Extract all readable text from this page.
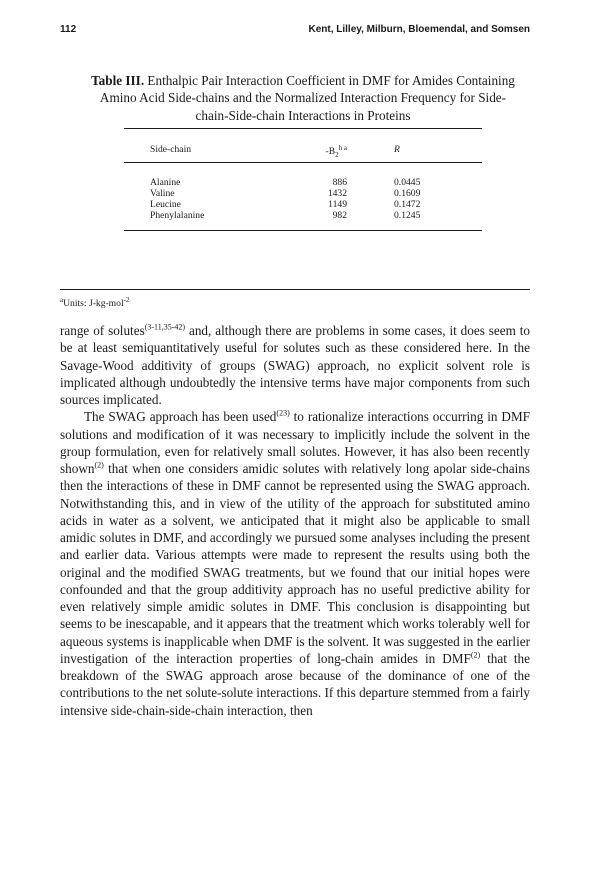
112	Kent, Lilley, Milburn, Bloemendal, and Somsen
Table III. Enthalpic Pair Interaction Coefficient in DMF for Amides Containing Amino Acid Side-chains and the Normalized Interaction Frequency for Side-chain-Side-chain Interactions in Proteins
Side-chain	$-B_2^{h a}$	R
Alanine	886	0.0445
Valine	1432	0.1609
Leucine	1149	0.1472
Phenylalanine	982	0.1245
$^a$Units: J-kg-mol$^{-2}$

range of solutes$^{(3-11,35-42)}$ and, although there are problems in some cases, it does seem to be at least semiquantitatively useful for solutes such as these considered here. In the Savage-Wood additivity of groups (SWAG) approach, no explicit solvent role is implicated although undoubtedly the intensive terms have major components from such sources implicated.

The SWAG approach has been used$^{(23)}$ to rationalize interactions occurring in DMF solutions and modification of it was necessary to implicitly include the solvent in the group formulation, even for relatively small solutes. However, it has also been recently shown$^{(2)}$ that when one considers amidic solutes with relatively long apolar side-chains then the interactions of these in DMF cannot be represented using the SWAG approach. Notwithstanding this, and in view of the utility of the approach for substituted amino acids in water as a solvent, we anticipated that it might also be applicable to small amidic solutes in DMF, and accordingly we pursued some analyses including the present and earlier data. Various attempts were made to represent the results using both the original and the modified SWAG treatments, but we found that our initial hopes were confounded and that the group additivity approach has no useful predictive ability for even relatively simple amidic solutes in DMF. This conclusion is disappointing but seems to be inescapable, and it appears that the treatment which works tolerably well for aqueous systems is inapplicable when DMF is the solvent. It was suggested in the earlier investigation of the interaction properties of long-chain amides in DMF$^{(2)}$ that the breakdown of the SWAG approach arose because of the dominance of one of the contributions to the net solute-solute interactions. If this departure stemmed from a fairly intensive side-chain-side-chain interaction, then
